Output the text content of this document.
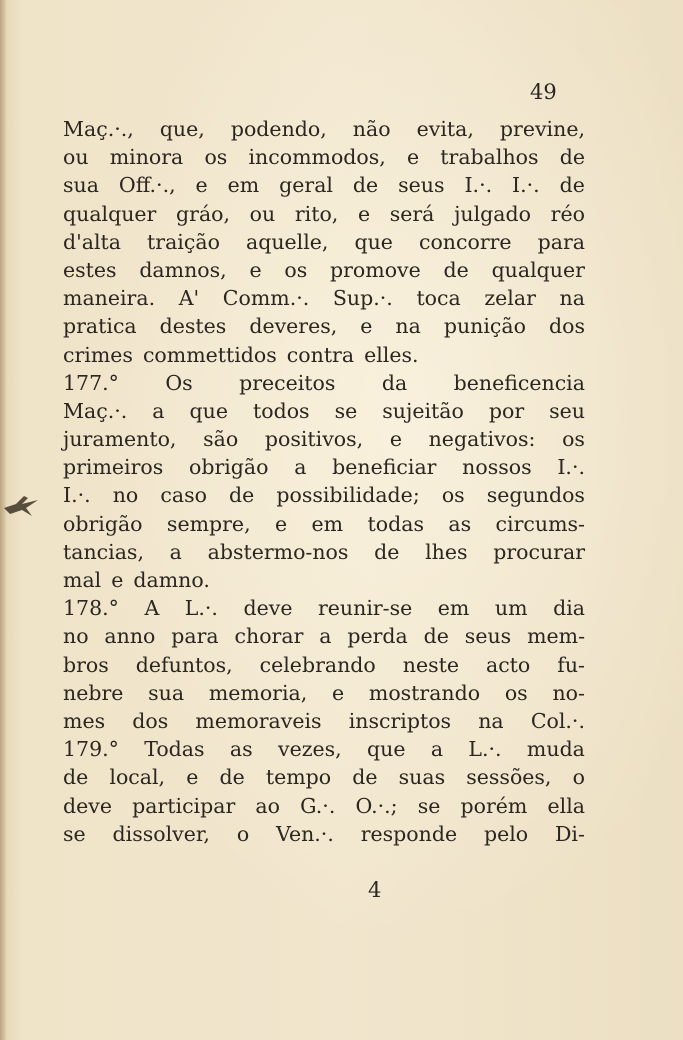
49
Maç.·., que, podendo, não evita, previne,
ou minora os incommodos, e trabalhos de
sua Off.·., e em geral de seus I.·. I.·. de
qualquer gráo, ou rito, e será julgado réo
d'alta traição aquelle, que concorre para
estes damnos, e os promove de qualquer
maneira. A' Comm.·. Sup.·. toca zelar na
pratica destes deveres, e na punição dos
crimes commettidos contra elles.
177.° Os preceitos da beneficencia
Maç.·. a que todos se sujeitão por seu
juramento, são positivos, e negativos: os
primeiros obrigão a beneficiar nossos I.·.
I.·. no caso de possibilidade; os segundos
obrigão sempre, e em todas as circums-
tancias, a abstermo-nos de lhes procurar
mal e damno.
178.° A L.·. deve reunir-se em um dia
no anno para chorar a perda de seus mem-
bros defuntos, celebrando neste acto fu-
nebre sua memoria, e mostrando os no-
mes dos memoraveis inscriptos na Col.·.
179.° Todas as vezes, que a L.·. muda
de local, e de tempo de suas sessões, o
deve participar ao G.·. O.·.; se porém ella
se dissolver, o Ven.·. responde pelo Di-
4
